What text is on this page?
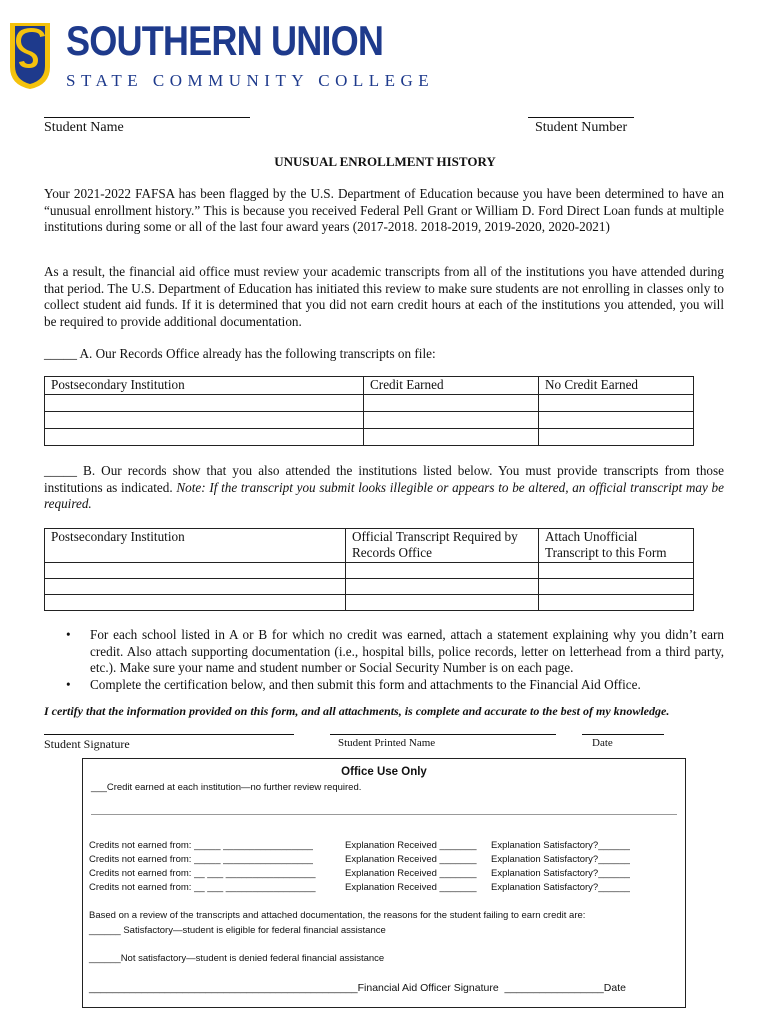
SOUTHERN UNION
STATE COMMUNITY COLLEGE
Student Name	Student Number
UNUSUAL ENROLLMENT HISTORY
Your 2021-2022 FAFSA has been flagged by the U.S. Department of Education because you have been determined to have an “unusual enrollment history.” This is because you received Federal Pell Grant or William D. Ford Direct Loan funds at multiple institutions during some or all of the last four award years (2017-2018. 2018-2019, 2019-2020, 2020-2021)
As a result, the financial aid office must review your academic transcripts from all of the institutions you have attended during that period. The U.S. Department of Education has initiated this review to make sure students are not enrolling in classes only to collect student aid funds. If it is determined that you did not earn credit hours at each of the institutions you attended, you will be required to provide additional documentation.
_____ A. Our Records Office already has the following transcripts on file:
Postsecondary Institution	Credit Earned	No Credit Earned

_____ B. Our records show that you also attended the institutions listed below. You must provide transcripts from those institutions as indicated. Note: If the transcript you submit looks illegible or appears to be altered, an official transcript may be required.
Postsecondary Institution	Official Transcript Required by Records Office	Attach Unofficial Transcript to this Form

• For each school listed in A or B for which no credit was earned, attach a statement explaining why you didn’t earn credit. Also attach supporting documentation (i.e., hospital bills, police records, letter on letterhead from a third party, etc.). Make sure your name and student number or Social Security Number is on each page.
• Complete the certification below, and then submit this form and attachments to the Financial Aid Office.
I certify that the information provided on this form, and all attachments, is complete and accurate to the best of my knowledge.
Student Signature	Student Printed Name	Date
Office Use Only
___Credit earned at each institution—no further review required.
Credits not earned from: _____ _________________	Explanation Received _______ Explanation Satisfactory?______
Credits not earned from: _____ _________________	Explanation Received _______ Explanation Satisfactory?______
Credits not earned from: __ ___ _________________	Explanation Received _______ Explanation Satisfactory?______
Credits not earned from: __ ___ _________________	Explanation Received _______ Explanation Satisfactory?______
Based on a review of the transcripts and attached documentation, the reasons for the student failing to earn credit are:
______ Satisfactory—student is eligible for federal financial assistance
______Not satisfactory—student is denied federal financial assistance
______________________________________________Financial Aid Officer Signature  _________________Date
